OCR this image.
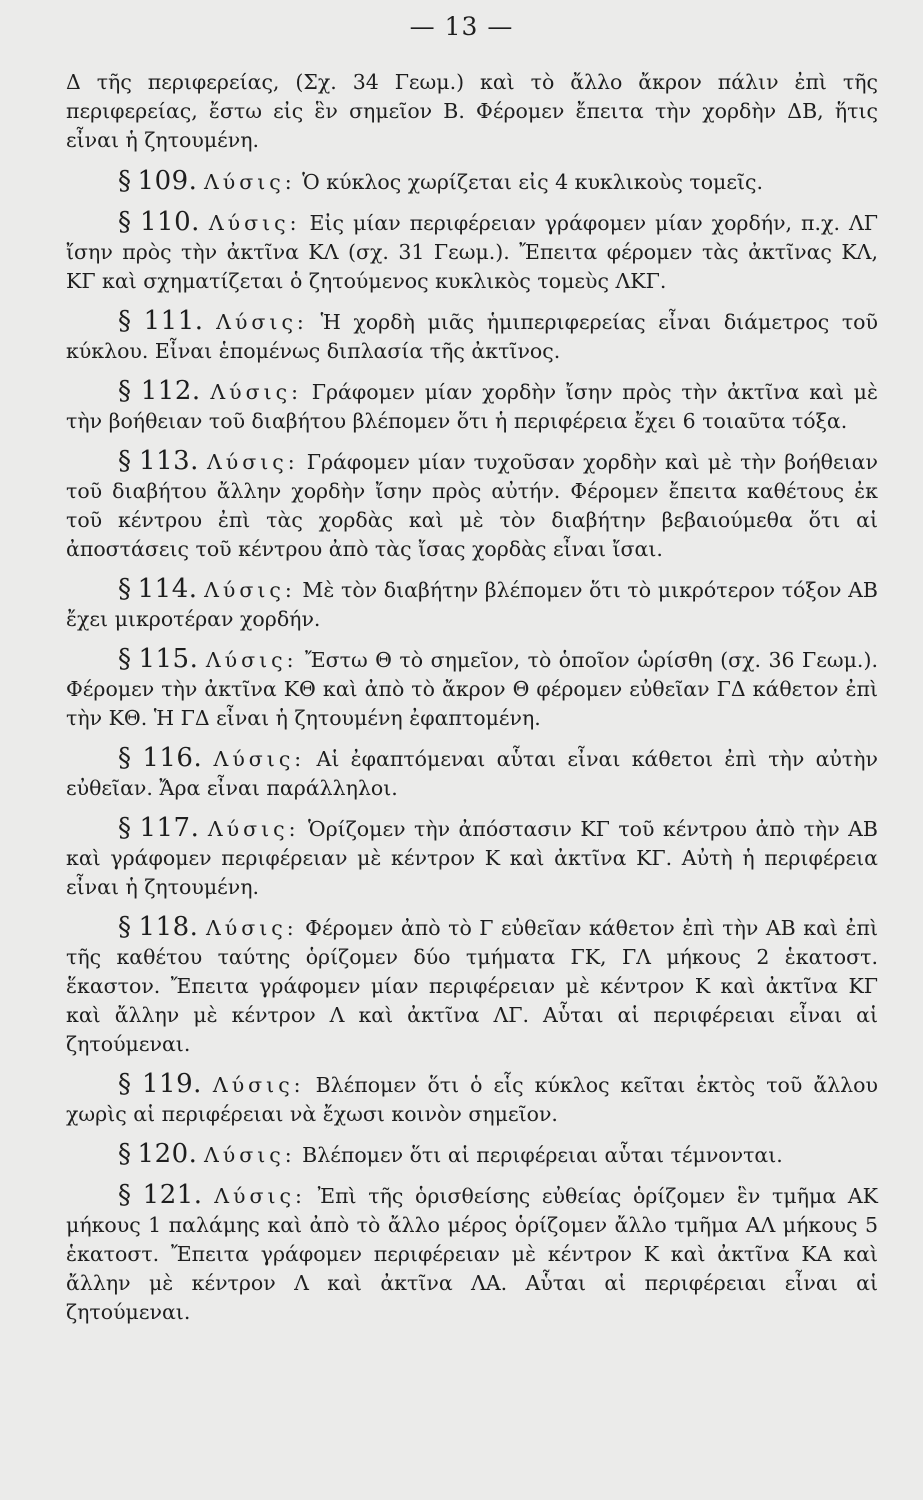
— 13 —

Δ τῆς περιφερείας, (Σχ. 34 Γεωμ.) καὶ τὸ ἄλλο ἄκρον πάλιν ἐπὶ τῆς περιφερείας, ἔστω εἰς ἓν σημεῖον Β. Φέρομεν ἔπειτα τὴν χορδὴν ΔΒ, ἥτις εἶναι ἡ ζητουμένη.

§ 109. Λύσις: Ὁ κύκλος χωρίζεται εἰς 4 κυκλικοὺς τομεῖς.

§ 110. Λύσις: Εἰς μίαν περιφέρειαν γράφομεν μίαν χορδήν, π.χ. ΛΓ ἴσην πρὸς τὴν ἀκτῖνα ΚΛ (σχ. 31 Γεωμ.). Ἔπειτα φέρομεν τὰς ἀκτῖνας ΚΛ, ΚΓ καὶ σχηματίζεται ὁ ζητούμενος κυκλικὸς τομεὺς ΛΚΓ.

§ 111. Λύσις: Ἡ χορδὴ μιᾶς ἡμιπεριφερείας εἶναι διάμετρος τοῦ κύκλου. Εἶναι ἑπομένως διπλασία τῆς ἀκτῖνος.

§ 112. Λύσις: Γράφομεν μίαν χορδὴν ἴσην πρὸς τὴν ἀκτῖνα καὶ μὲ τὴν βοήθειαν τοῦ διαβήτου βλέπομεν ὅτι ἡ περιφέρεια ἔχει 6 τοιαῦτα τόξα.

§ 113. Λύσις: Γράφομεν μίαν τυχοῦσαν χορδὴν καὶ μὲ τὴν βοήθειαν τοῦ διαβήτου ἄλλην χορδὴν ἴσην πρὸς αὐτήν. Φέρομεν ἔπειτα καθέτους ἐκ τοῦ κέντρου ἐπὶ τὰς χορδὰς καὶ μὲ τὸν διαβήτην βεβαιούμεθα ὅτι αἱ ἀποστάσεις τοῦ κέντρου ἀπὸ τὰς ἴσας χορδὰς εἶναι ἴσαι.

§ 114. Λύσις: Μὲ τὸν διαβήτην βλέπομεν ὅτι τὸ μικρότερον τόξον ΑΒ ἔχει μικροτέραν χορδήν.

§ 115. Λύσις: Ἔστω Θ τὸ σημεῖον, τὸ ὁποῖον ὡρίσθη (σχ. 36 Γεωμ.). Φέρομεν τὴν ἀκτῖνα ΚΘ καὶ ἀπὸ τὸ ἄκρον Θ φέρομεν εὐθεῖαν ΓΔ κάθετον ἐπὶ τὴν ΚΘ. Ἡ ΓΔ εἶναι ἡ ζητουμένη ἐφαπτομένη.

§ 116. Λύσις: Αἱ ἐφαπτόμεναι αὗται εἶναι κάθετοι ἐπὶ τὴν αὐτὴν εὐθεῖαν. Ἄρα εἶναι παράλληλοι.

§ 117. Λύσις: Ὁρίζομεν τὴν ἀπόστασιν ΚΓ τοῦ κέντρου ἀπὸ τὴν ΑΒ καὶ γράφομεν περιφέρειαν μὲ κέντρον Κ καὶ ἀκτῖνα ΚΓ. Αὐτὴ ἡ περιφέρεια εἶναι ἡ ζητουμένη.

§ 118. Λύσις: Φέρομεν ἀπὸ τὸ Γ εὐθεῖαν κάθετον ἐπὶ τὴν ΑΒ καὶ ἐπὶ τῆς καθέτου ταύτης ὁρίζομεν δύο τμήματα ΓΚ, ΓΛ μήκους 2 ἑκατοστ. ἕκαστον. Ἔπειτα γράφομεν μίαν περιφέρειαν μὲ κέντρον Κ καὶ ἀκτῖνα ΚΓ καὶ ἄλλην μὲ κέντρον Λ καὶ ἀκτῖνα ΛΓ. Αὗται αἱ περιφέρειαι εἶναι αἱ ζητούμεναι.

§ 119. Λύσις: Βλέπομεν ὅτι ὁ εἷς κύκλος κεῖται ἐκτὸς τοῦ ἄλλου χωρὶς αἱ περιφέρειαι νὰ ἔχωσι κοινὸν σημεῖον.

§ 120. Λύσις: Βλέπομεν ὅτι αἱ περιφέρειαι αὗται τέμνονται.

§ 121. Λύσις: Ἐπὶ τῆς ὁρισθείσης εὐθείας ὁρίζομεν ἓν τμῆμα ΑΚ μήκους 1 παλάμης καὶ ἀπὸ τὸ ἄλλο μέρος ὁρίζομεν ἄλλο τμῆμα ΑΛ μήκους 5 ἑκατοστ. Ἔπειτα γράφομεν περιφέρειαν μὲ κέντρον Κ καὶ ἀκτῖνα ΚΑ καὶ ἄλλην μὲ κέντρον Λ καὶ ἀκτῖνα ΛΑ. Αὗται αἱ περιφέρειαι εἶναι αἱ ζητούμεναι.
